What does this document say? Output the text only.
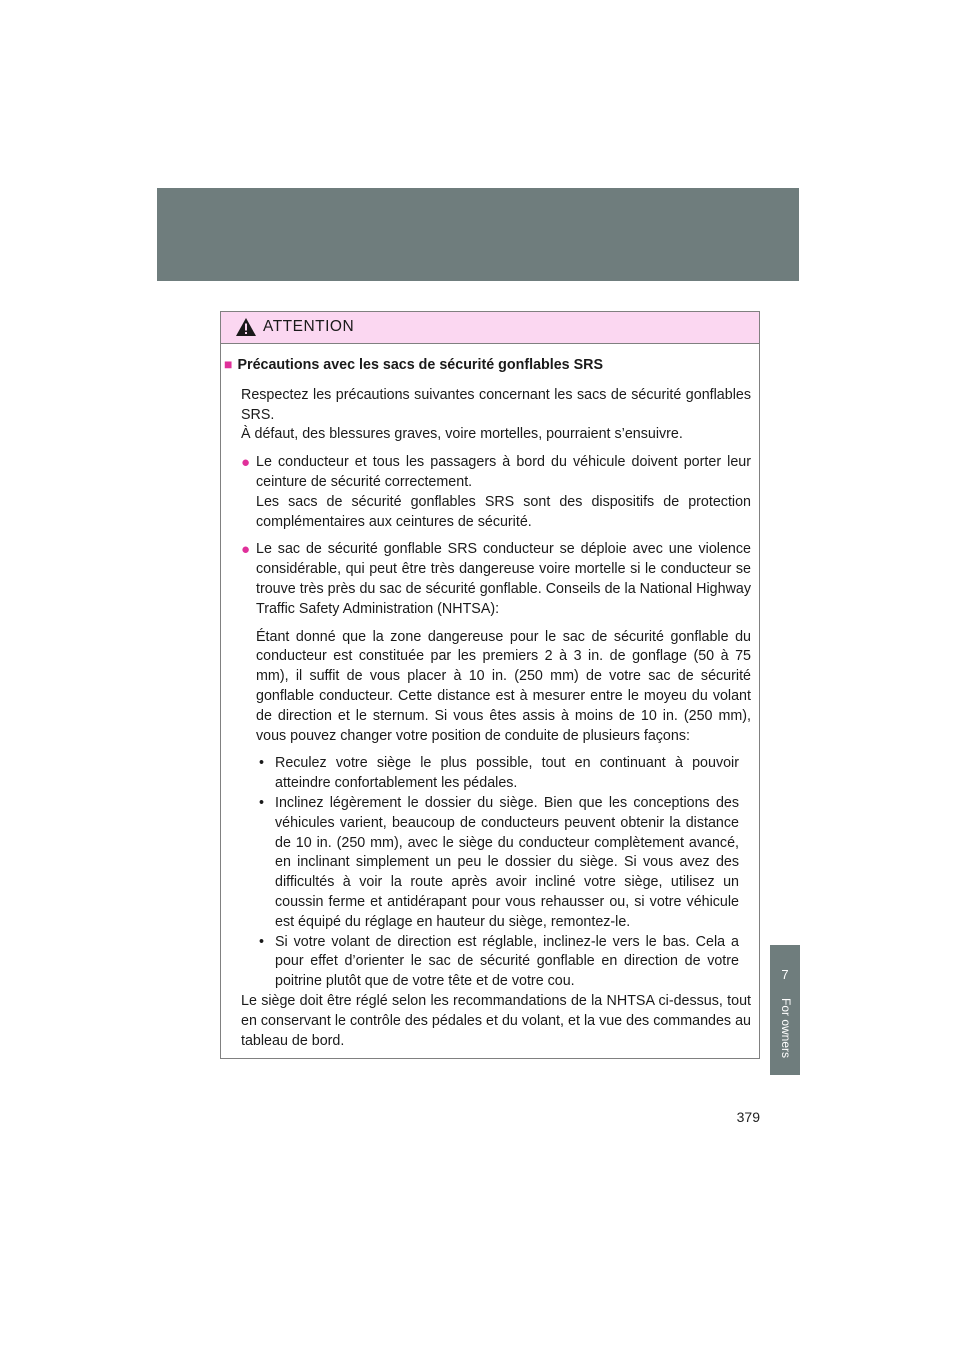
ATTENTION
■ Précautions avec les sacs de sécurité gonflables SRS
Respectez les précautions suivantes concernant les sacs de sécurité gonflables SRS.
À défaut, des blessures graves, voire mortelles, pourraient s’ensuivre.
● Le conducteur et tous les passagers à bord du véhicule doivent porter leur ceinture de sécurité correctement.
Les sacs de sécurité gonflables SRS sont des dispositifs de protection complémentaires aux ceintures de sécurité.
● Le sac de sécurité gonflable SRS conducteur se déploie avec une violence considérable, qui peut être très dangereuse voire mortelle si le conducteur se trouve très près du sac de sécurité gonflable. Conseils de la National Highway Traffic Safety Administration (NHTSA):
Étant donné que la zone dangereuse pour le sac de sécurité gonflable du conducteur est constituée par les premiers 2 à 3 in. de gonflage (50 à 75 mm), il suffit de vous placer à 10 in. (250 mm) de votre sac de sécurité gonflable conducteur. Cette distance est à mesurer entre le moyeu du volant de direction et le sternum. Si vous êtes assis à moins de 10 in. (250 mm), vous pouvez changer votre position de conduite de plusieurs façons:
• Reculez votre siège le plus possible, tout en continuant à pouvoir atteindre confortablement les pédales.
• Inclinez légèrement le dossier du siège. Bien que les conceptions des véhicules varient, beaucoup de conducteurs peuvent obtenir la distance de 10 in. (250 mm), avec le siège du conducteur complètement avancé, en inclinant simplement un peu le dossier du siège. Si vous avez des difficultés à voir la route après avoir incliné votre siège, utilisez un coussin ferme et antidérapant pour vous rehausser ou, si votre véhicule est équipé du réglage en hauteur du siège, remontez-le.
• Si votre volant de direction est réglable, inclinez-le vers le bas. Cela a pour effet d’orienter le sac de sécurité gonflable en direction de votre poitrine plutôt que de votre tête et de votre cou.
Le siège doit être réglé selon les recommandations de la NHTSA ci-dessus, tout en conservant le contrôle des pédales et du volant, et la vue des commandes au tableau de bord.
7
For owners
379
